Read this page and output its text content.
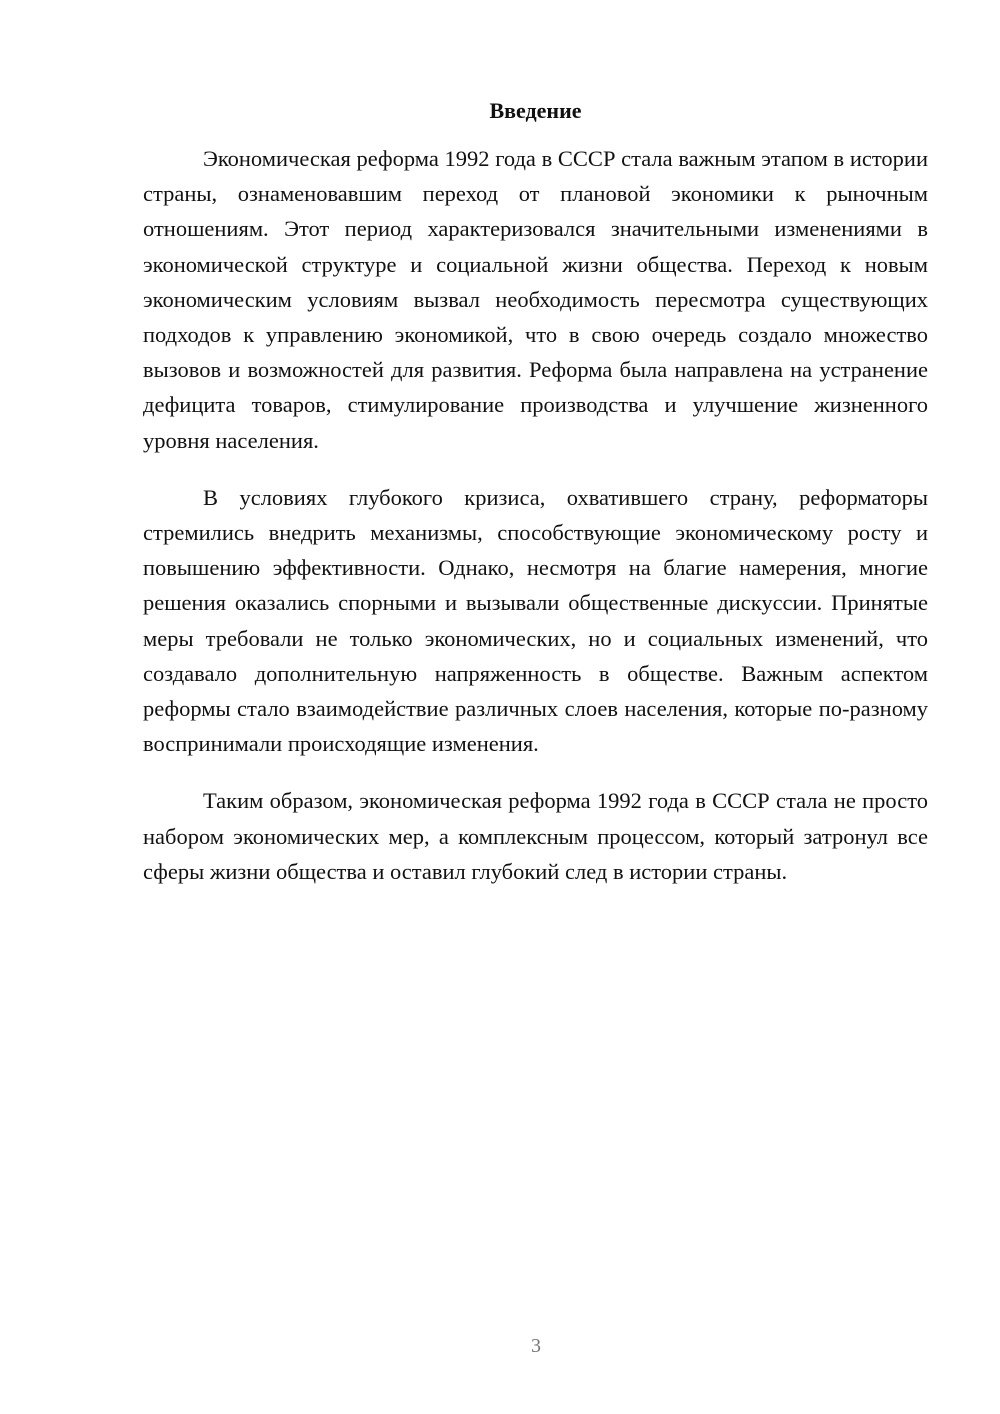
Введение

Экономическая реформа 1992 года в СССР стала важным этапом в истории страны, ознаменовавшим переход от плановой экономики к рыночным отношениям. Этот период характеризовался значительными изменениями в экономической структуре и социальной жизни общества. Переход к новым экономическим условиям вызвал необходимость пересмотра существующих подходов к управлению экономикой, что в свою очередь создало множество вызовов и возможностей для развития. Реформа была направлена на устранение дефицита товаров, стимулирование производства и улучшение жизненного уровня населения.

В условиях глубокого кризиса, охватившего страну, реформаторы стремились внедрить механизмы, способствующие экономическому росту и повышению эффективности. Однако, несмотря на благие намерения, многие решения оказались спорными и вызывали общественные дискуссии. Принятые меры требовали не только экономических, но и социальных изменений, что создавало дополнительную напряженность в обществе. Важным аспектом реформы стало взаимодействие различных слоев населения, которые по-разному воспринимали происходящие изменения.

Таким образом, экономическая реформа 1992 года в СССР стала не просто набором экономических мер, а комплексным процессом, который затронул все сферы жизни общества и оставил глубокий след в истории страны.

3
